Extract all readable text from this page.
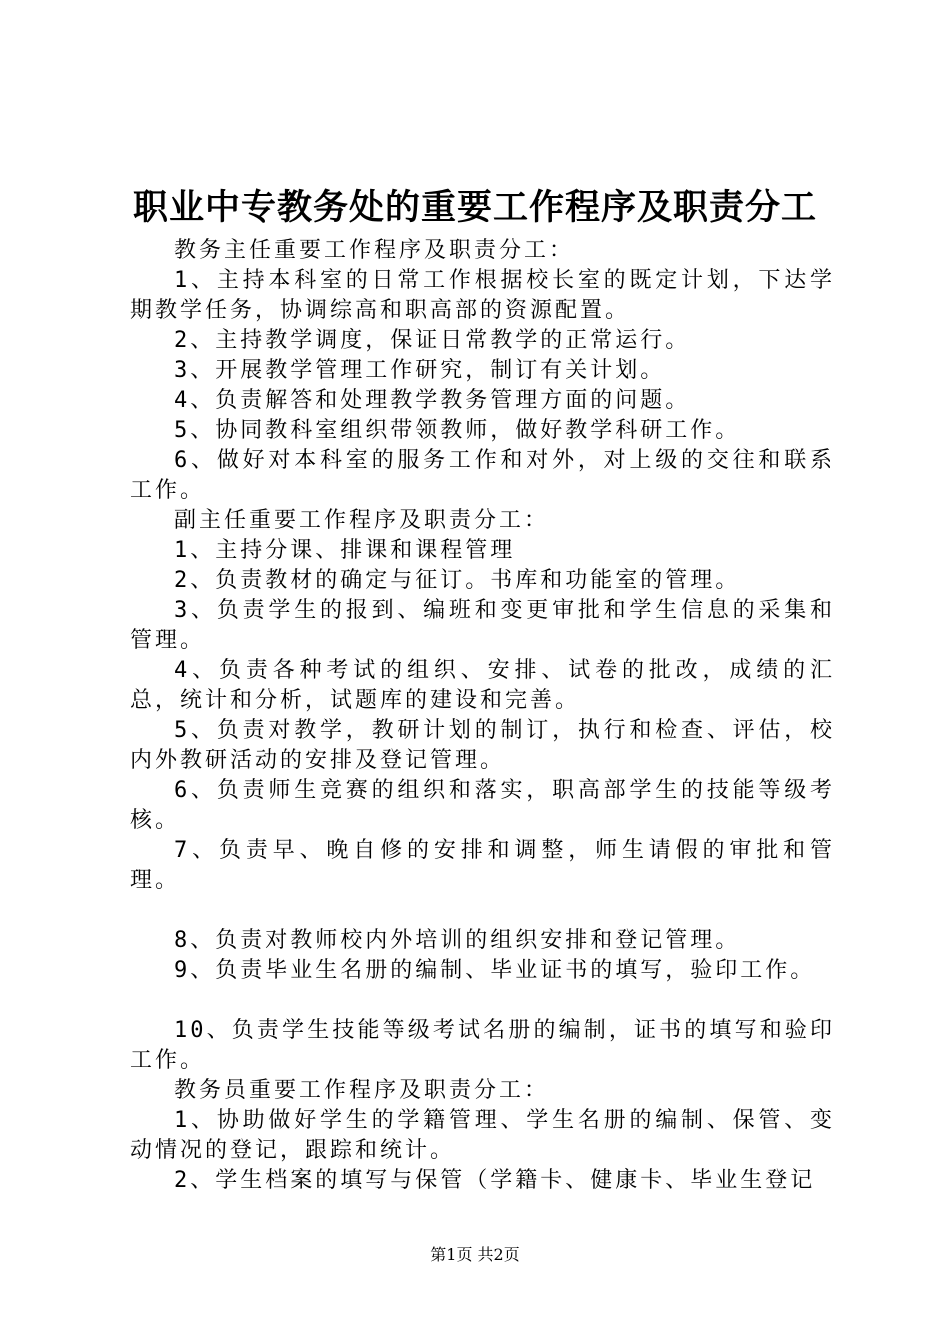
职业中专教务处的重要工作程序及职责分工

教务主任重要工作程序及职责分工：

1、主持本科室的日常工作根据校长室的既定计划，下达学期教学任务，协调综高和职高部的资源配置。

2、主持教学调度，保证日常教学的正常运行。

3、开展教学管理工作研究，制订有关计划。

4、负责解答和处理教学教务管理方面的问题。

5、协同教科室组织带领教师，做好教学科研工作。

6、做好对本科室的服务工作和对外，对上级的交往和联系工作。

副主任重要工作程序及职责分工：

1、主持分课、排课和课程管理

2、负责教材的确定与征订。书库和功能室的管理。

3、负责学生的报到、编班和变更审批和学生信息的采集和管理。

4、负责各种考试的组织、安排、试卷的批改，成绩的汇总，统计和分析，试题库的建设和完善。

5、负责对教学，教研计划的制订，执行和检查、评估，校内外教研活动的安排及登记管理。

6、负责师生竞赛的组织和落实，职高部学生的技能等级考核。

7、负责早、晚自修的安排和调整，师生请假的审批和管理。

8、负责对教师校内外培训的组织安排和登记管理。

9、负责毕业生名册的编制、毕业证书的填写，验印工作。

10、负责学生技能等级考试名册的编制，证书的填写和验印工作。

教务员重要工作程序及职责分工：

1、协助做好学生的学籍管理、学生名册的编制、保管、变动情况的登记，跟踪和统计。

2、学生档案的填写与保管（学籍卡、健康卡、毕业生登记

第1页 共2页
